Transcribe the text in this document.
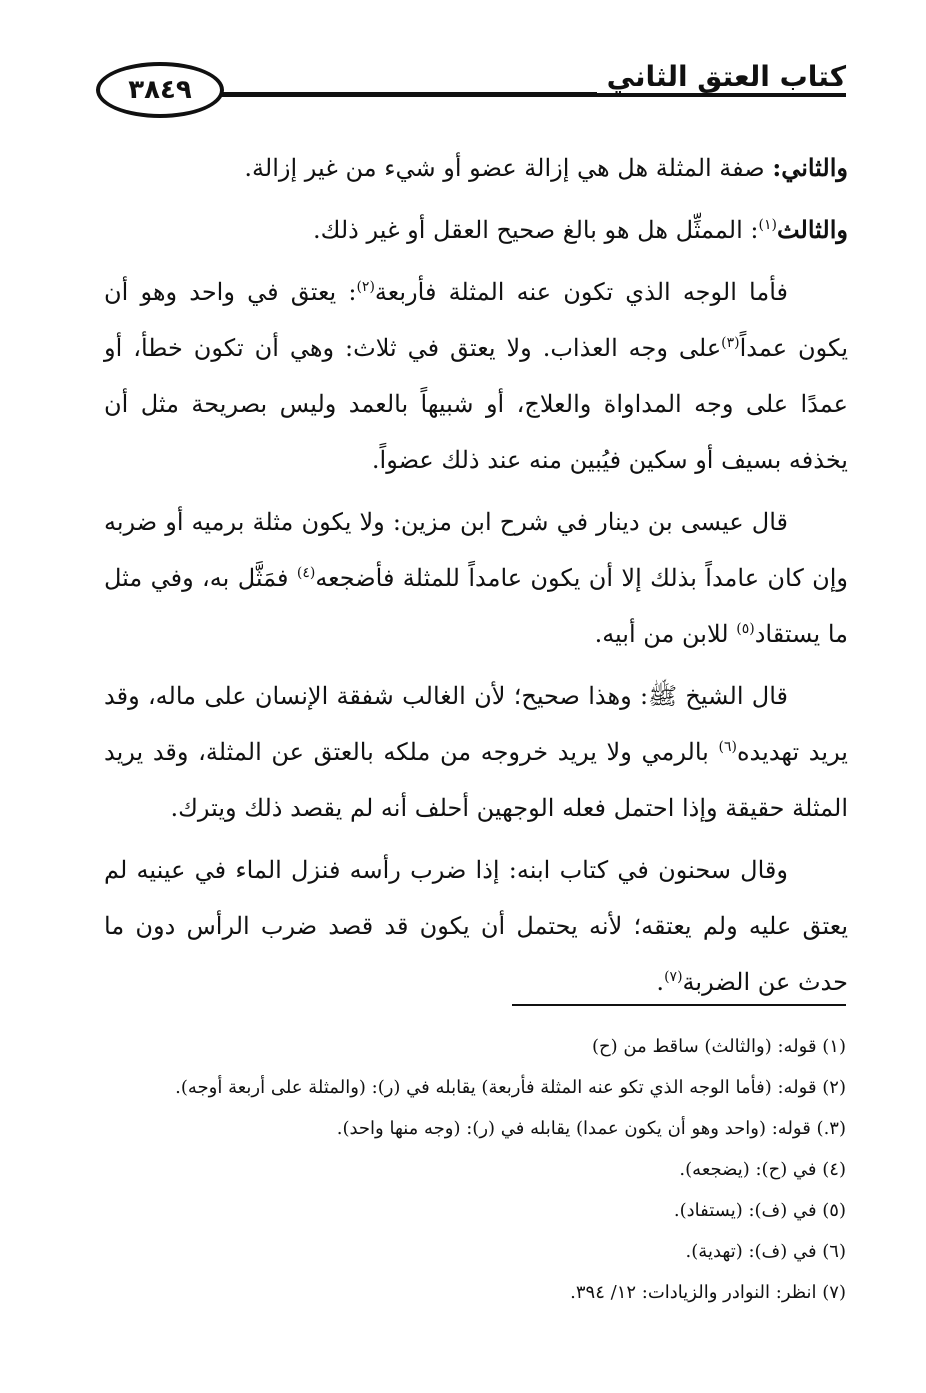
٣٨٤٩	كتاب العتق الثاني

والثاني: صفة المثلة هل هي إزالة عضو أو شيء من غير إزالة.

والثالث$^{(١)}$: الممثِّل هل هو بالغ صحيح العقل أو غير ذلك.

فأما الوجه الذي تكون عنه المثلة فأربعة$^{(٢)}$: يعتق في واحد وهو أن يكون عمداً$^{(٣)}$على وجه العذاب. ولا يعتق في ثلاث: وهي أن تكون خطأ، أو عمدًا على وجه المداواة والعلاج، أو شبيهاً بالعمد وليس بصريحة مثل أن يخذفه بسيف أو سكين فيُبين منه عند ذلك عضواً.

قال عيسى بن دينار في شرح ابن مزين: ولا يكون مثلة برميه أو ضربه وإن كان عامداً بذلك إلا أن يكون عامداً للمثلة فأضجعه$^{(٤)}$ فمَثَّل به، وفي مثل ما يستقاد$^{(٥)}$ للابن من أبيه.

قال الشيخ ﷺ: وهذا صحيح؛ لأن الغالب شفقة الإنسان على ماله، وقد يريد تهديده$^{(٦)}$ بالرمي ولا يريد خروجه من ملكه بالعتق عن المثلة، وقد يريد المثلة حقيقة وإذا احتمل فعله الوجهين أحلف أنه لم يقصد ذلك ويترك.

وقال سحنون في كتاب ابنه: إذا ضرب رأسه فنزل الماء في عينيه لم يعتق عليه ولم يعتقه؛ لأنه يحتمل أن يكون قد قصد ضرب الرأس دون ما حدث عن الضربة$^{(٧)}$.

(١) قوله: (والثالث) ساقط من (ح)

(٢) قوله: (فأما الوجه الذي تكو عنه المثلة فأربعة) يقابله في (ر): (والمثلة على أربعة أوجه).

(٣.) قوله: (واحد وهو أن يكون عمدا) يقابله في (ر): (وجه منها واحد).

(٤) في (ح): (يضجعه).

(٥) في (ف): (يستفاد).

(٦) في (ف): (تهدية).

(٧) انظر: النوادر والزيادات: ١٢/ ٣٩٤.
